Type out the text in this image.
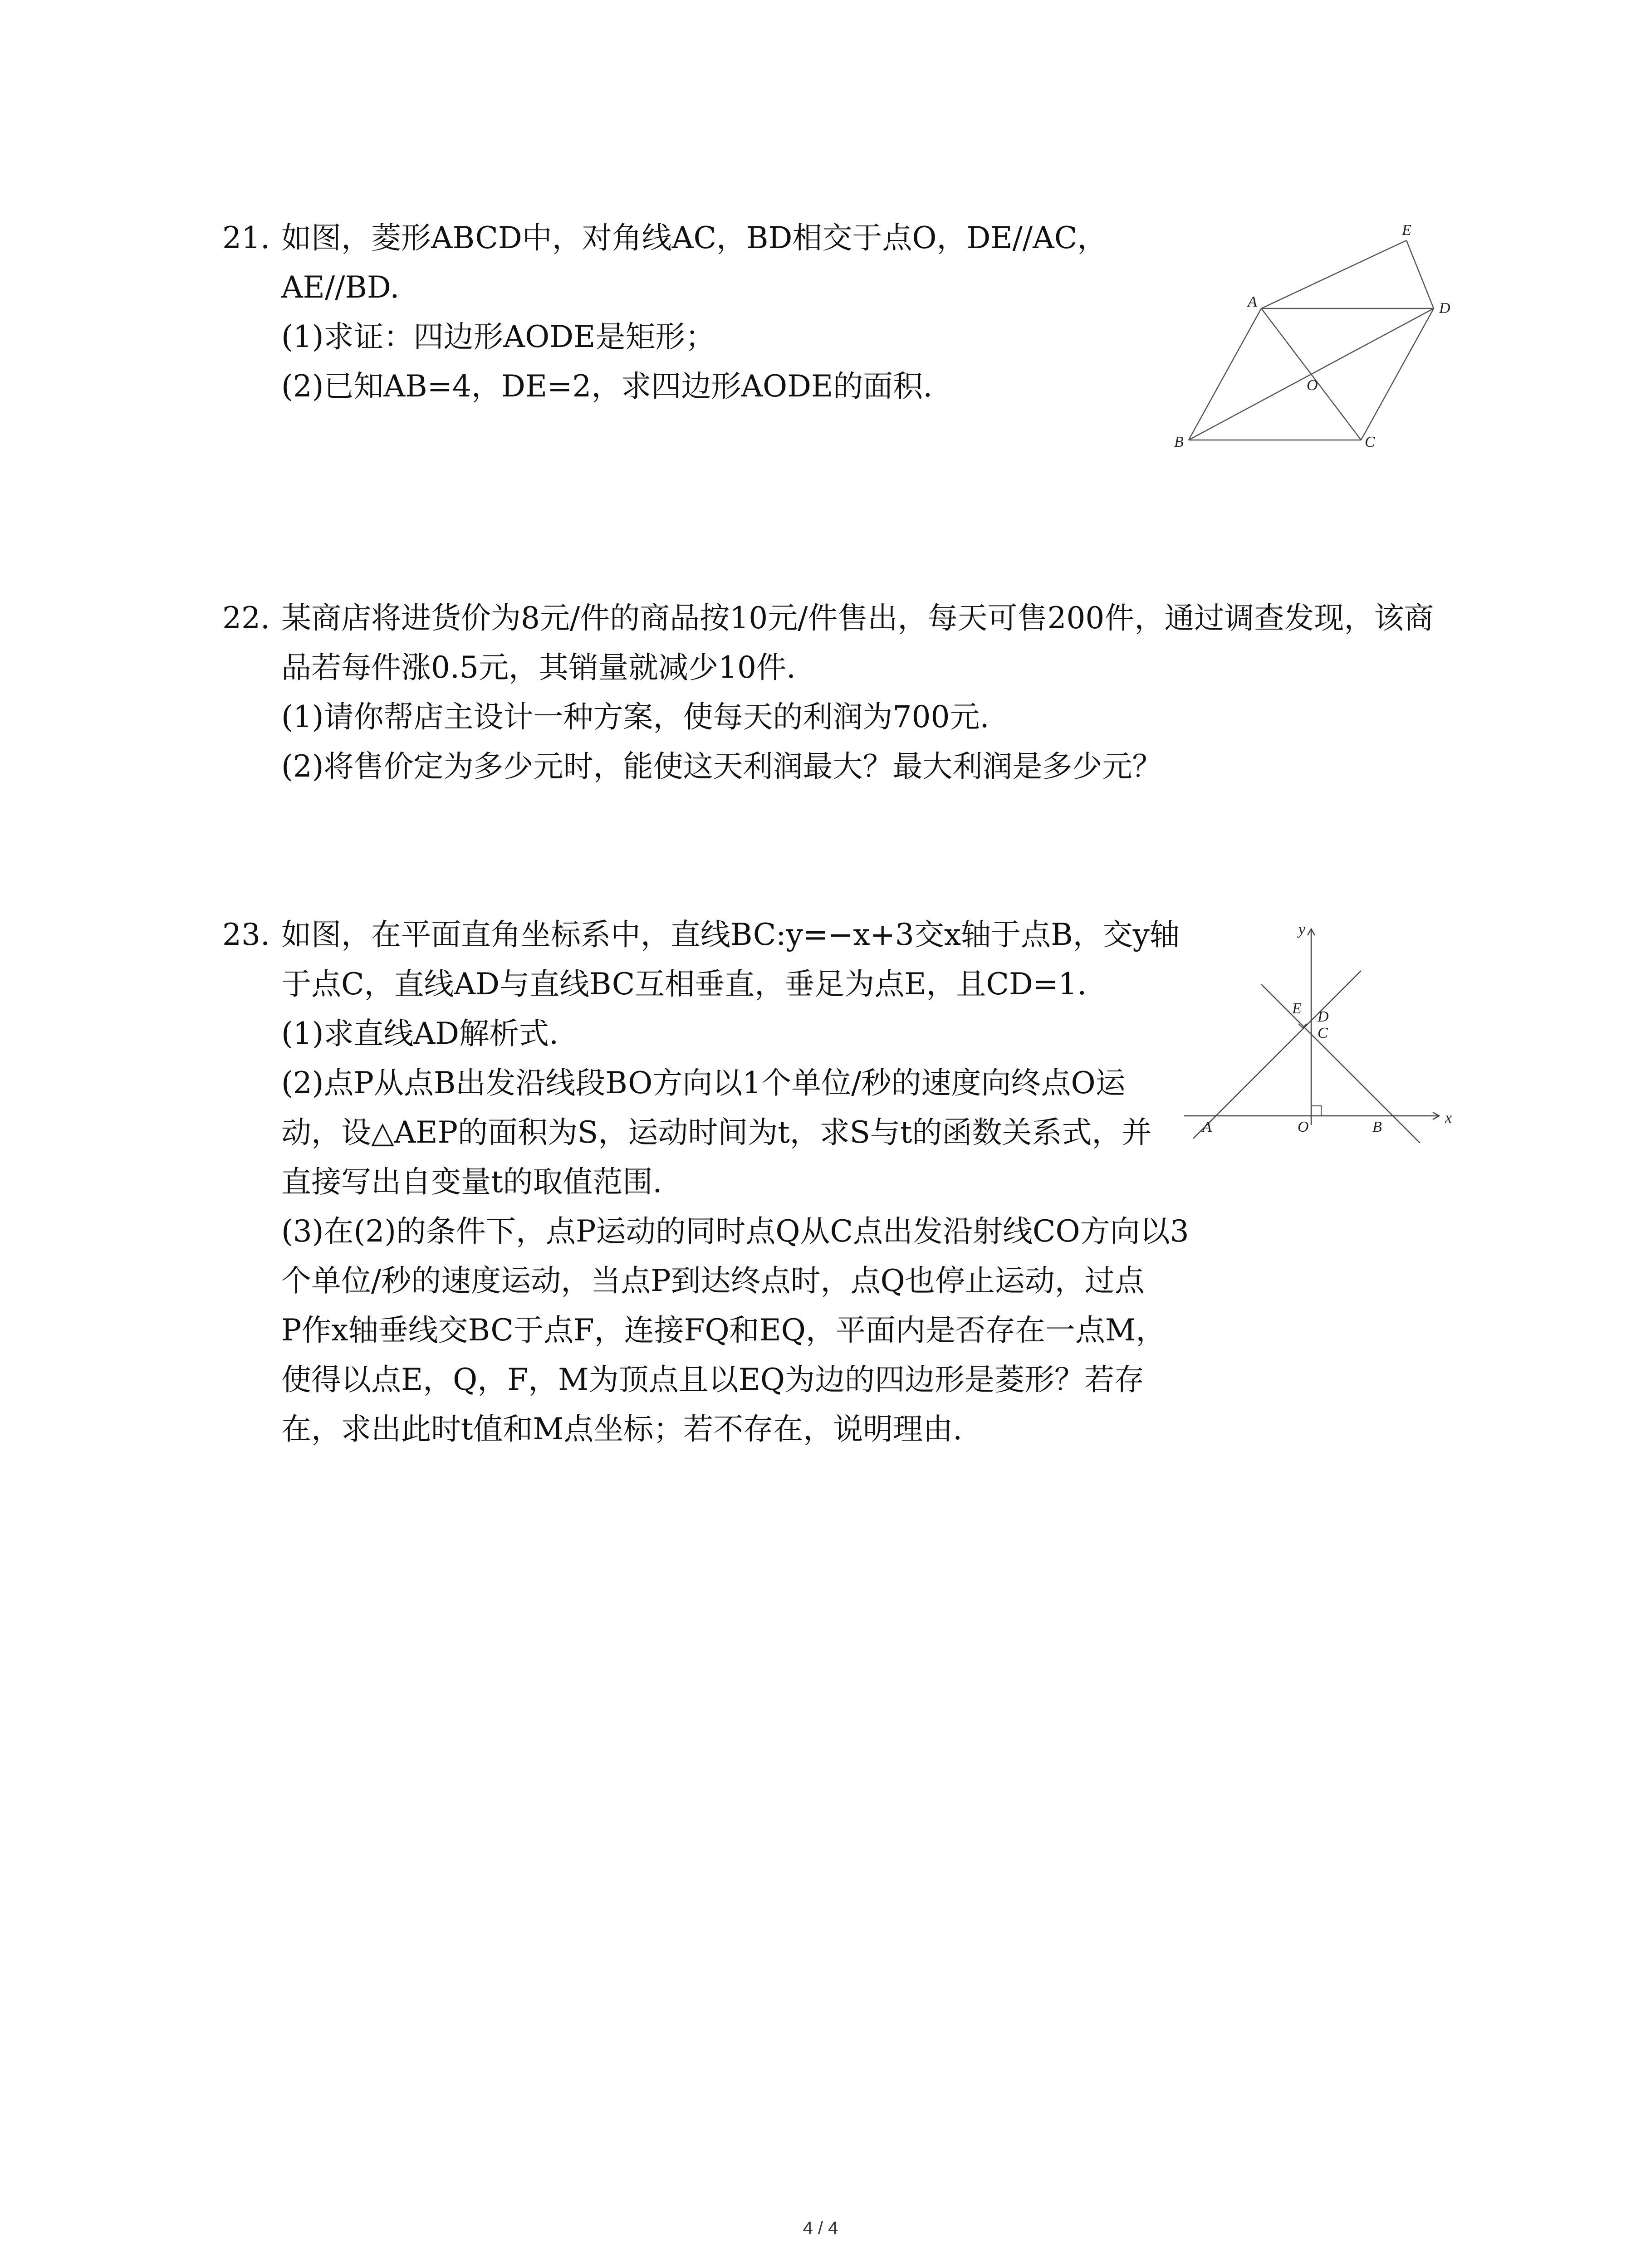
21. 如图，菱形ABCD中，对角线AC，BD相交于点O，DE//AC，
AE//BD.
(1)求证：四边形AODE是矩形；
(2)已知AB=4，DE=2，求四边形AODE的面积.
E
A	D
O
B	C
22. 某商店将进货价为8元/件的商品按10元/件售出，每天可售200件，通过调查发现，该商
品若每件涨0.5元，其销量就减少10件.
(1)请你帮店主设计一种方案，使每天的利润为700元.
(2)将售价定为多少元时，能使这天利润最大？最大利润是多少元？
23. 如图，在平面直角坐标系中，直线BC:y=−x+3交x轴于点B，交y轴
于点C，直线AD与直线BC互相垂直，垂足为点E，且CD=1.
(1)求直线AD解析式.
(2)点P从点B出发沿线段BO方向以1个单位/秒的速度向终点O运
动，设△AEP的面积为S，运动时间为t，求S与t的函数关系式，并
直接写出自变量t的取值范围.
(3)在(2)的条件下，点P运动的同时点Q从C点出发沿射线CO方向以3
个单位/秒的速度运动，当点P到达终点时，点Q也停止运动，过点
P作x轴垂线交BC于点F，连接FQ和EQ，平面内是否存在一点M，
使得以点E，Q，F，M为顶点且以EQ为边的四边形是菱形？若存
在，求出此时t值和M点坐标；若不存在，说明理由.
y
x
E D
C
A	O	B
4 / 4
